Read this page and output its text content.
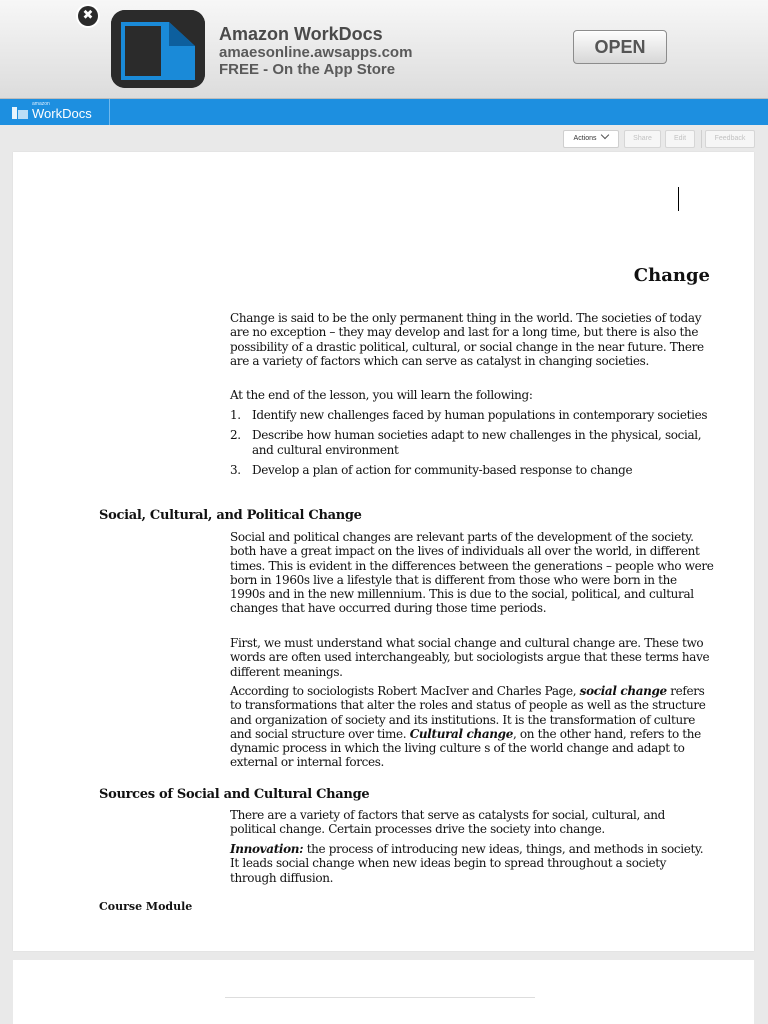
✖
Amazon WorkDocs
amaesonline.awsapps.com
FREE - On the App Store
OPEN
amazon
WorkDocs
Actions	Share	Edit	Feedback
Change

Change is said to be the only permanent thing in the world. The societies of today are no exception – they may develop and last for a long time, but there is also the possibility of a drastic political, cultural, or social change in the near future. There are a variety of factors which can serve as catalyst in changing societies.

At the end of the lesson, you will learn the following:

1. Identify new challenges faced by human populations in contemporary societies
2. Describe how human societies adapt to new challenges in the physical, social, and cultural environment
3. Develop a plan of action for community-based response to change
Social, Cultural, and Political Change

Social and political changes are relevant parts of the development of the society. both have a great impact on the lives of individuals all over the world, in different times. This is evident in the differences between the generations – people who were born in 1960s live a lifestyle that is different from those who were born in the 1990s and in the new millennium. This is due to the social, political, and cultural changes that have occurred during those time periods.

First, we must understand what social change and cultural change are. These two words are often used interchangeably, but sociologists argue that these terms have different meanings.

According to sociologists Robert MacIver and Charles Page, social change refers to transformations that alter the roles and status of people as well as the structure and organization of society and its institutions. It is the transformation of culture and social structure over time. Cultural change, on the other hand, refers to the dynamic process in which the living culture s of the world change and adapt to external or internal forces.

Sources of Social and Cultural Change

There are a variety of factors that serve as catalysts for social, cultural, and political change. Certain processes drive the society into change.

Innovation: the process of introducing new ideas, things, and methods in society. It leads social change when new ideas begin to spread throughout a society through diffusion.

Course Module
